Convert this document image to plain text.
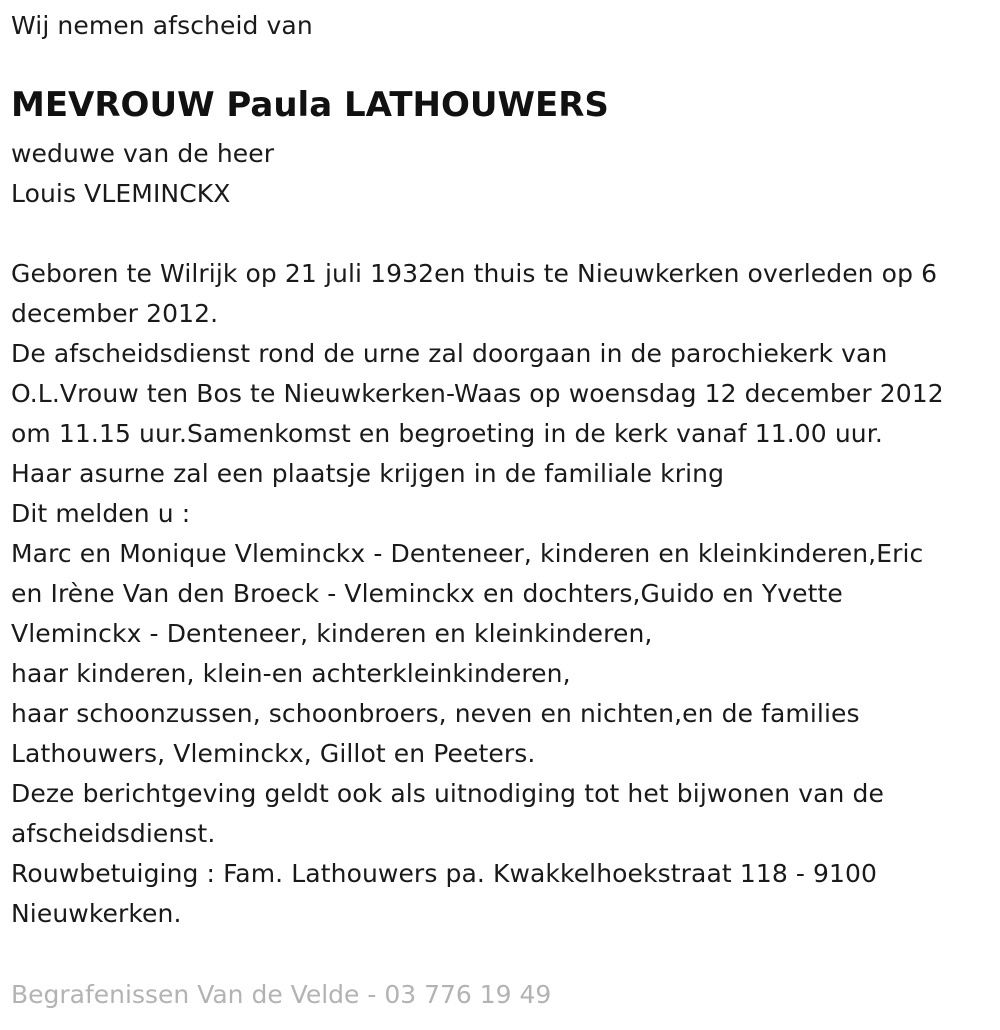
Wij nemen afscheid van
MEVROUW Paula LATHOUWERS
weduwe van de heer
Louis VLEMINCKX
Geboren te Wilrijk op 21 juli 1932en thuis te Nieuwkerken overleden op 6
december 2012.
De afscheidsdienst rond de urne zal doorgaan in de parochiekerk van
O.L.Vrouw ten Bos te Nieuwkerken-Waas op woensdag 12 december 2012
om 11.15 uur.Samenkomst en begroeting in de kerk vanaf 11.00 uur.
Haar asurne zal een plaatsje krijgen in de familiale kring
Dit melden u :
Marc en Monique Vleminckx - Denteneer, kinderen en kleinkinderen,Eric
en Irène Van den Broeck - Vleminckx en dochters,Guido en Yvette
Vleminckx - Denteneer, kinderen en kleinkinderen,
haar kinderen, klein-en achterkleinkinderen,
haar schoonzussen, schoonbroers, neven en nichten,en de families
Lathouwers, Vleminckx, Gillot en Peeters.
Deze berichtgeving geldt ook als uitnodiging tot het bijwonen van de
afscheidsdienst.
Rouwbetuiging : Fam. Lathouwers pa. Kwakkelhoekstraat 118 - 9100
Nieuwkerken.
Begrafenissen Van de Velde - 03 776 19 49
